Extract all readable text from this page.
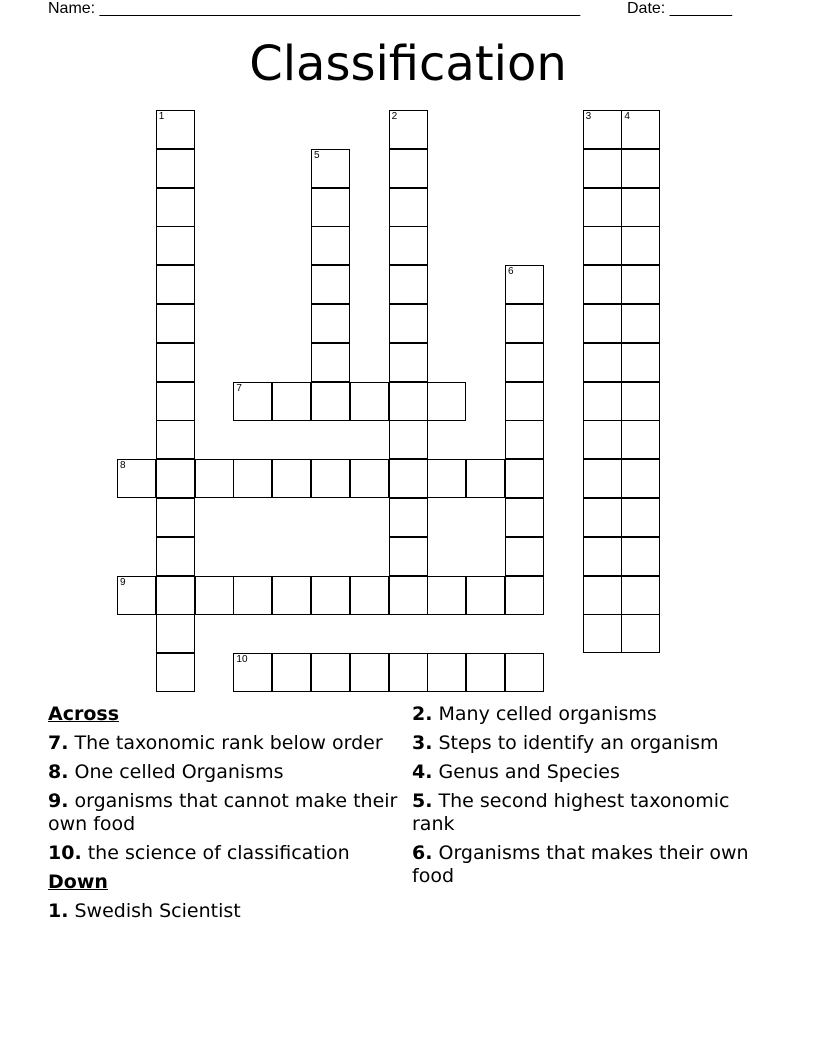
Name: ______________________________________________________	Date: _______
Classification
1	2	3	4
5
6
7
8
9
10
Across
7. The taxonomic rank below order
8. One celled Organisms
9. organisms that cannot make their own food
10. the science of classification
Down
1. Swedish Scientist
2. Many celled organisms
3. Steps to identify an organism
4. Genus and Species
5. The second highest taxonomic rank
6. Organisms that makes their own food
